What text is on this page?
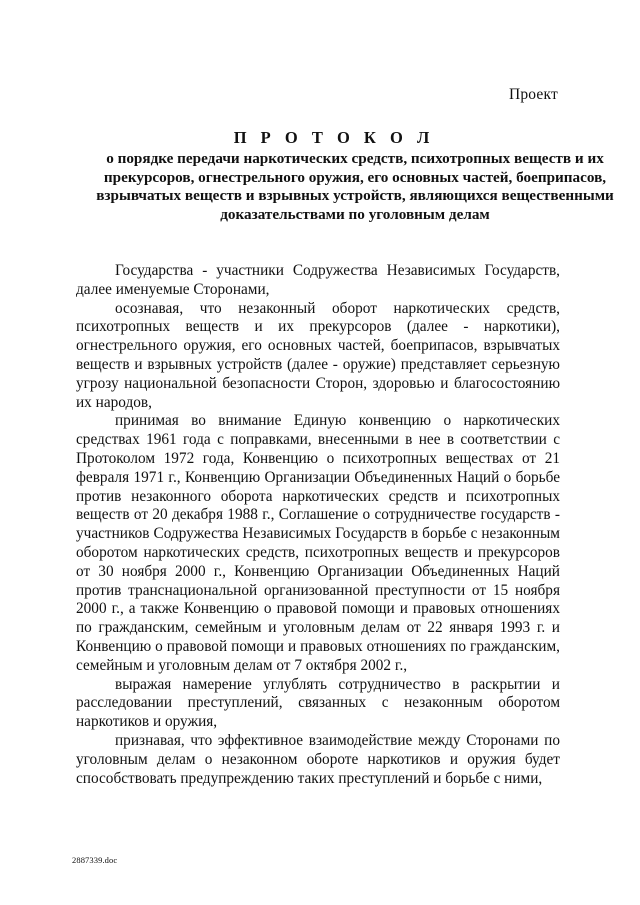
Проект
П Р О Т О К О Л
о порядке передачи наркотических средств, психотропных веществ и их прекурсоров, огнестрельного оружия, его основных частей, боеприпасов, взрывчатых веществ и взрывных устройств, являющихся вещественными доказательствами по уголовным делам

Государства - участники Содружества Независимых Государств, далее именуемые Сторонами,

осознавая, что незаконный оборот наркотических средств, психотропных веществ и их прекурсоров (далее - наркотики), огнестрельного оружия, его основных частей, боеприпасов, взрывчатых веществ и взрывных устройств (далее - оружие) представляет серьезную угрозу национальной безопасности Сторон, здоровью и благосостоянию их народов,

принимая во внимание Единую конвенцию о наркотических средствах 1961 года с поправками, внесенными в нее в соответствии с Протоколом 1972 года, Конвенцию о психотропных веществах от 21 февраля 1971 г., Конвенцию Организации Объединенных Наций о борьбе против незаконного оборота наркотических средств и психотропных веществ от 20 декабря 1988 г., Соглашение о сотрудничестве государств - участников Содружества Независимых Государств в борьбе с незаконным оборотом наркотических средств, психотропных веществ и прекурсоров от 30 ноября 2000 г., Конвенцию Организации Объединенных Наций против транснациональной организованной преступности от 15 ноября 2000 г., а также Конвенцию о правовой помощи и правовых отношениях по гражданским, семейным и уголовным делам от 22 января 1993 г. и Конвенцию о правовой помощи и правовых отношениях по гражданским, семейным и уголовным делам от 7 октября 2002 г.,

выражая намерение углублять сотрудничество в раскрытии и расследовании преступлений, связанных с незаконным оборотом наркотиков и оружия,

признавая, что эффективное взаимодействие между Сторонами по уголовным делам о незаконном обороте наркотиков и оружия будет способствовать предупреждению таких преступлений и борьбе с ними,

2887339.doc
